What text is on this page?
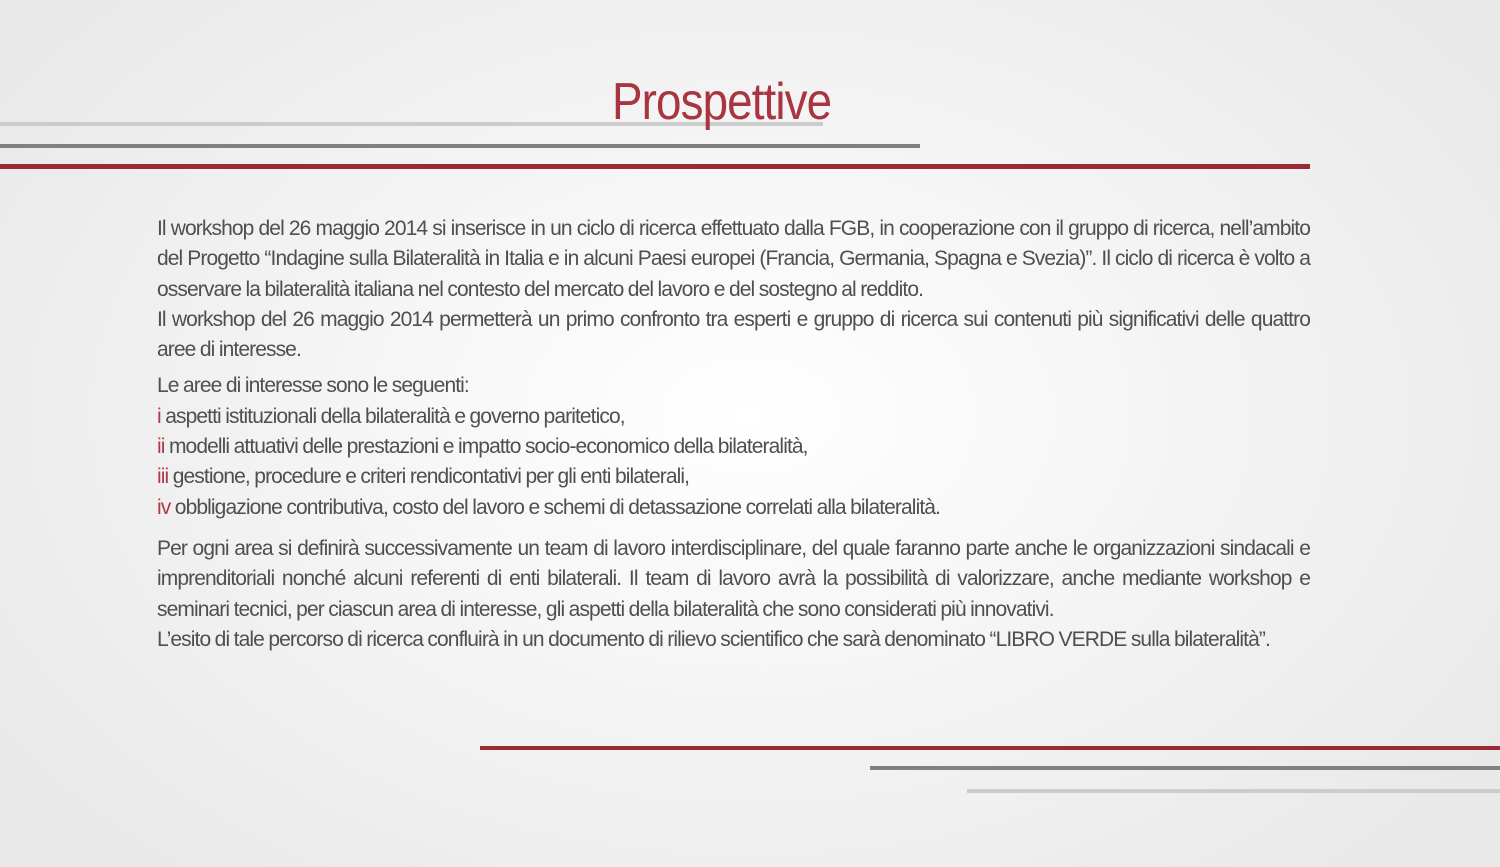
Prospettive

Il workshop del 26 maggio 2014 si inserisce in un ciclo di ricerca effettuato dalla FGB, in cooperazione con il gruppo di ricerca, nell’ambito del Progetto “Indagine sulla Bilateralità in Italia e in alcuni Paesi europei (Francia, Germania, Spagna e Svezia)”. Il ciclo di ricerca è volto a osservare la bilateralità italiana nel contesto del mercato del lavoro e del sostegno al reddito.

Il workshop del 26 maggio 2014 permetterà un primo confronto tra esperti e gruppo di ricerca sui contenuti più significativi delle quattro aree di interesse.

Le aree di interesse sono le seguenti:

i aspetti istituzionali della bilateralità e governo paritetico,
ii modelli attuativi delle prestazioni e impatto socio-economico della bilateralità,
iii gestione, procedure e criteri rendicontativi per gli enti bilaterali,
iv obbligazione contributiva, costo del lavoro e schemi di detassazione correlati alla bilateralità.

Per ogni area si definirà successivamente un team di lavoro interdisciplinare, del quale faranno parte anche le organizzazioni sindacali e imprenditoriali nonché alcuni referenti di enti bilaterali. Il team di lavoro avrà la possibilità di valorizzare, anche mediante workshop e seminari tecnici, per ciascun area di interesse, gli aspetti della bilateralità che sono considerati più innovativi.

L’esito di tale percorso di ricerca confluirà in un documento di rilievo scientifico che sarà denominato “LIBRO VERDE sulla bilateralità”.
